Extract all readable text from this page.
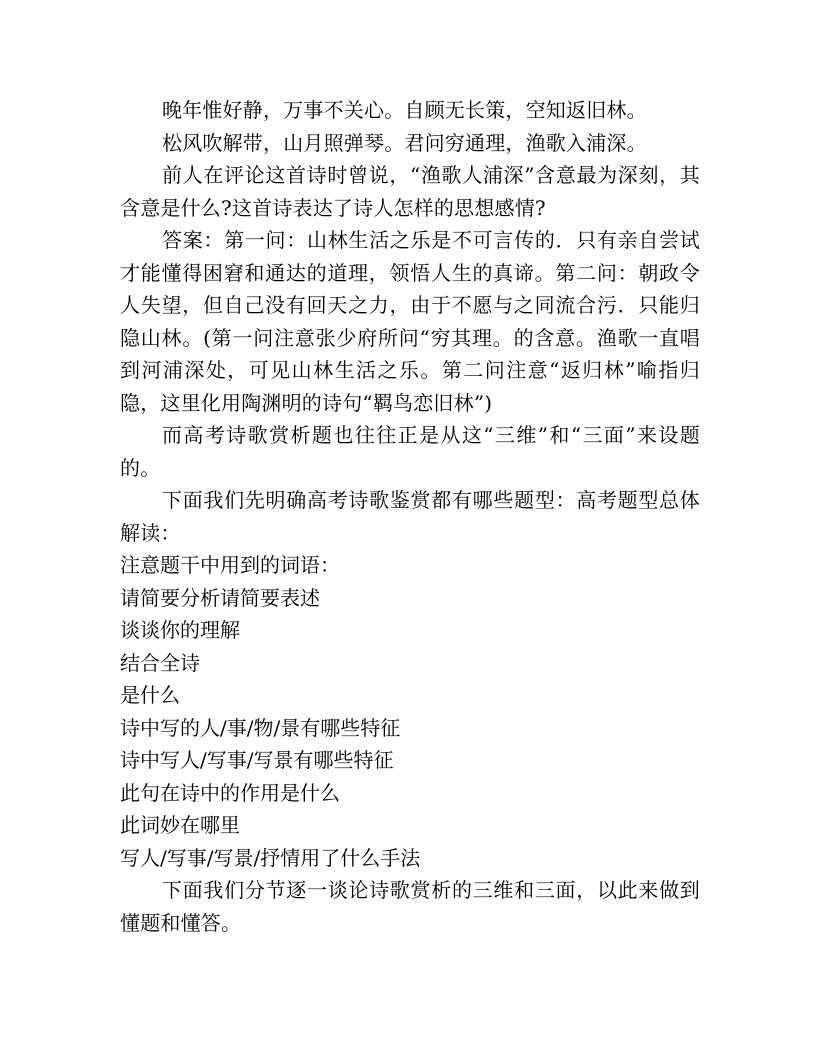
晚年惟好静，万事不关心。自顾无长策，空知返旧林。

松风吹解带，山月照弹琴。君问穷通理，渔歌入浦深。

前人在评论这首诗时曾说，“渔歌人浦深”含意最为深刻，其含意是什么?这首诗表达了诗人怎样的思想感情?

答案：第一问：山林生活之乐是不可言传的．只有亲自尝试才能懂得困窘和通达的道理，领悟人生的真谛。第二问：朝政令人失望，但自己没有回天之力，由于不愿与之同流合污．只能归隐山林。(第一问注意张少府所问“穷其理。的含意。渔歌一直唱到河浦深处，可见山林生活之乐。第二问注意“返归林”喻指归隐，这里化用陶渊明的诗句“羁鸟恋旧林”)

而高考诗歌赏析题也往往正是从这“三维”和“三面”来设题的。

下面我们先明确高考诗歌鉴赏都有哪些题型：高考题型总体解读：

注意题干中用到的词语：

请简要分析请简要表述

谈谈你的理解

结合全诗

是什么

诗中写的人/事/物/景有哪些特征

诗中写人/写事/写景有哪些特征

此句在诗中的作用是什么

此词妙在哪里

写人/写事/写景/抒情用了什么手法

下面我们分节逐一谈论诗歌赏析的三维和三面，以此来做到懂题和懂答。
